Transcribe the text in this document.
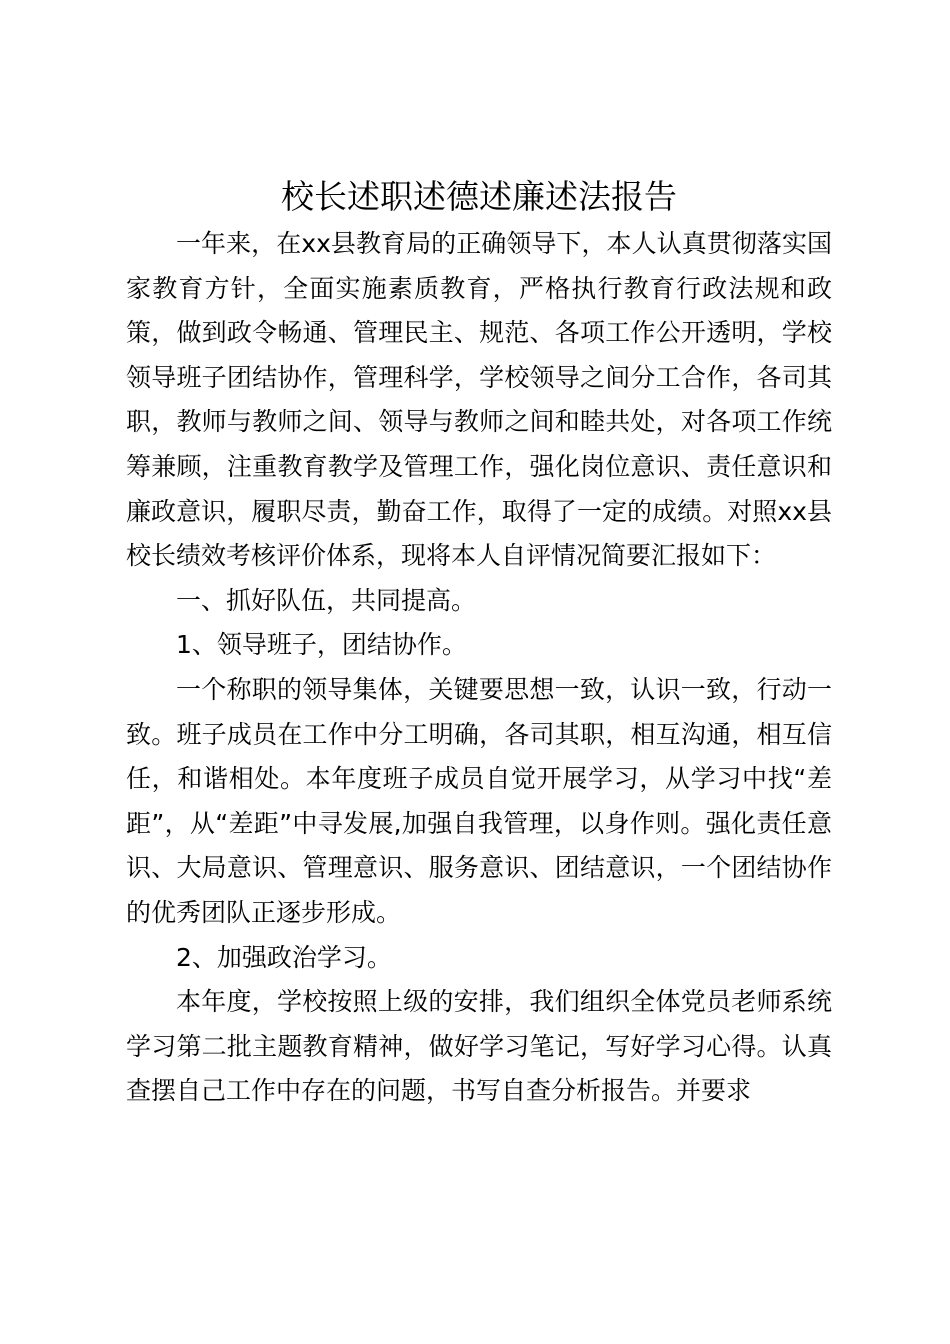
校长述职述德述廉述法报告

一年来，在xx县教育局的正确领导下，本人认真贯彻落实国家教育方针，全面实施素质教育，严格执行教育行政法规和政策，做到政令畅通、管理民主、规范、各项工作公开透明，学校领导班子团结协作，管理科学，学校领导之间分工合作，各司其职，教师与教师之间、领导与教师之间和睦共处，对各项工作统筹兼顾，注重教育教学及管理工作，强化岗位意识、责任意识和廉政意识，履职尽责，勤奋工作，取得了一定的成绩。对照xx县校长绩效考核评价体系，现将本人自评情况简要汇报如下：

一、抓好队伍，共同提高。

1、领导班子，团结协作。

一个称职的领导集体，关键要思想一致，认识一致，行动一致。班子成员在工作中分工明确，各司其职，相互沟通，相互信任，和谐相处。本年度班子成员自觉开展学习，从学习中找“差距”，从“差距”中寻发展,加强自我管理，以身作则。强化责任意识、大局意识、管理意识、服务意识、团结意识，一个团结协作的优秀团队正逐步形成。

2、加强政治学习。

本年度，学校按照上级的安排，我们组织全体党员老师系统学习第二批主题教育精神，做好学习笔记，写好学习心得。认真查摆自己工作中存在的问题，书写自查分析报告。并要求
